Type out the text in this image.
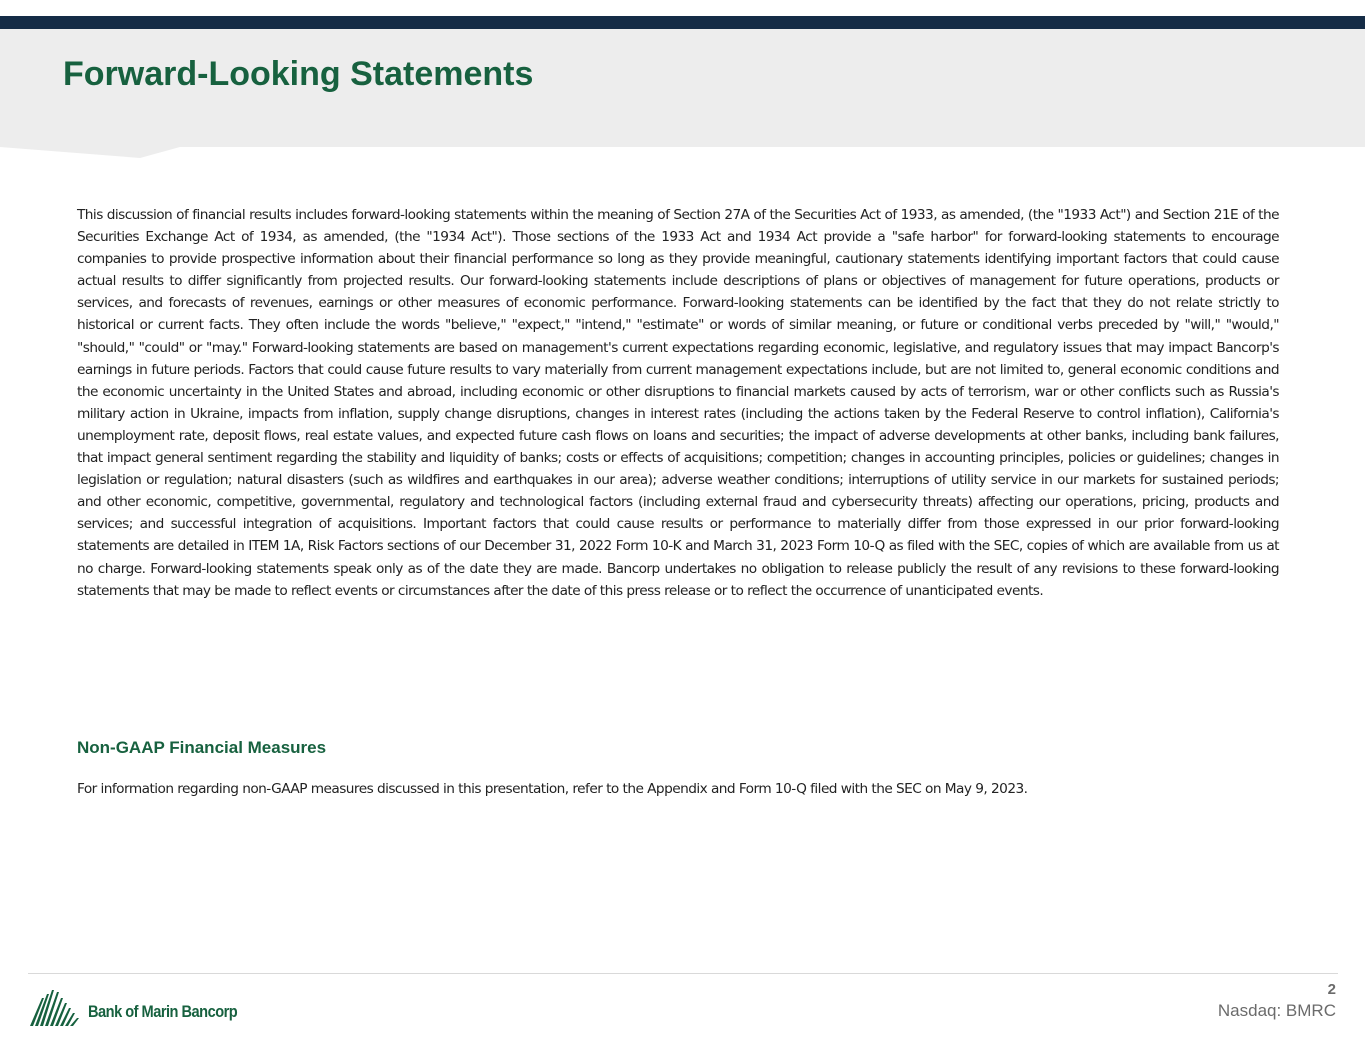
Forward-Looking Statements

This discussion of financial results includes forward-looking statements within the meaning of Section 27A of the Securities Act of 1933, as amended, (the "1933 Act") and Section 21E of the Securities Exchange Act of 1934, as amended, (the "1934 Act"). Those sections of the 1933 Act and 1934 Act provide a "safe harbor" for forward-looking statements to encourage companies to provide prospective information about their financial performance so long as they provide meaningful, cautionary statements identifying important factors that could cause actual results to differ significantly from projected results. Our forward-looking statements include descriptions of plans or objectives of management for future operations, products or services, and forecasts of revenues, earnings or other measures of economic performance. Forward-looking statements can be identified by the fact that they do not relate strictly to historical or current facts. They often include the words "believe," "expect," "intend," "estimate" or words of similar meaning, or future or conditional verbs preceded by "will," "would," "should," "could" or "may." Forward-looking statements are based on management's current expectations regarding economic, legislative, and regulatory issues that may impact Bancorp's earnings in future periods. Factors that could cause future results to vary materially from current management expectations include, but are not limited to, general economic conditions and the economic uncertainty in the United States and abroad, including economic or other disruptions to financial markets caused by acts of terrorism, war or other conflicts such as Russia's military action in Ukraine, impacts from inflation, supply change disruptions, changes in interest rates (including the actions taken by the Federal Reserve to control inflation), California's unemployment rate, deposit flows, real estate values, and expected future cash flows on loans and securities; the impact of adverse developments at other banks, including bank failures, that impact general sentiment regarding the stability and liquidity of banks; costs or effects of acquisitions; competition; changes in accounting principles, policies or guidelines; changes in legislation or regulation; natural disasters (such as wildfires and earthquakes in our area); adverse weather conditions; interruptions of utility service in our markets for sustained periods; and other economic, competitive, governmental, regulatory and technological factors (including external fraud and cybersecurity threats) affecting our operations, pricing, products and services; and successful integration of acquisitions. Important factors that could cause results or performance to materially differ from those expressed in our prior forward-looking statements are detailed in ITEM 1A, Risk Factors sections of our December 31, 2022 Form 10-K and March 31, 2023 Form 10-Q as filed with the SEC, copies of which are available from us at no charge. Forward-looking statements speak only as of the date they are made. Bancorp undertakes no obligation to release publicly the result of any revisions to these forward-looking statements that may be made to reflect events or circumstances after the date of this press release or to reflect the occurrence of unanticipated events.

Non-GAAP Financial Measures

For information regarding non-GAAP measures discussed in this presentation, refer to the Appendix and Form 10-Q filed with the SEC on May 9, 2023.

Bank of Marin Bancorp
2
Nasdaq: BMRC
